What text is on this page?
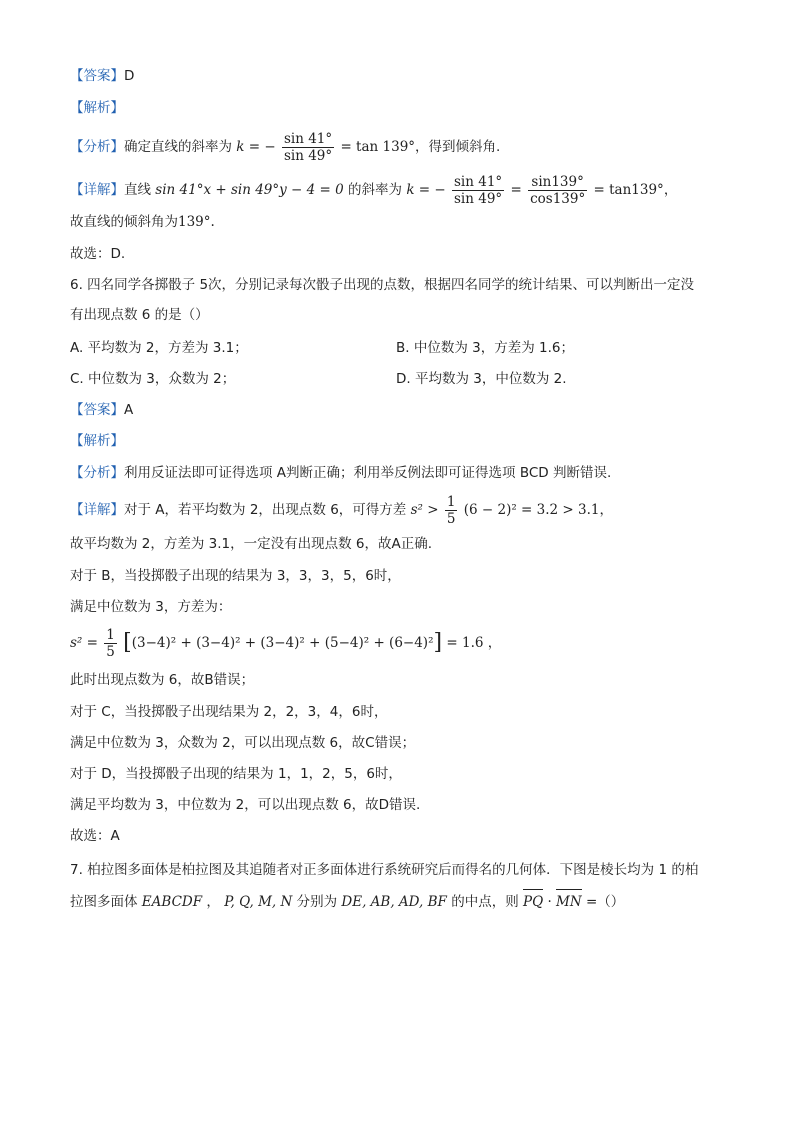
【答案】D
【解析】
【分析】确定直线的斜率为 k = − $\frac{\sin 41^\circ}{\sin 49^\circ} = \tan 139^\circ$，得到倾斜角.
【详解】直线 sin 41°x + sin 49°y − 4 = 0 的斜率为 k = − $\frac{\sin 41^\circ}{\sin 49^\circ} = \frac{\sin 139^\circ}{\cos 139^\circ} = \tan 139^\circ$，
故直线的倾斜角为139°.
故选：D.
6. 四名同学各掷骰子 5次，分别记录每次骰子出现的点数，根据四名同学的统计结果、可以判断出一定没
有出现点数 6 的是（）
A. 平均数为 2，方差为 3.1；	B. 中位数为 3，方差为 1.6；
C. 中位数为 3，众数为 2；	D. 平均数为 3，中位数为 2.
【答案】A
【解析】
【分析】利用反证法即可证得选项 A判断正确；利用举反例法即可证得选项 BCD 判断错误.
【详解】对于 A，若平均数为 2，出现点数 6，可得方差 $s^2 > \frac{1}{5} (6 - 2)^2 = 3.2 > 3.1$，
故平均数为 2，方差为 3.1，一定没有出现点数 6，故A正确.
对于 B，当投掷骰子出现的结果为 3，3，3，5，6时，
满足中位数为 3，方差为：
$s^2 = \frac{1}{5} [(3-4)^2 + (3-4)^2 + (3-4)^2 + (5-4)^2 + (6-4)^2] = 1.6$ ，
此时出现点数为 6，故B错误；
对于 C，当投掷骰子出现结果为 2，2，3，4，6时，
满足中位数为 3，众数为 2，可以出现点数 6，故C错误；
对于 D，当投掷骰子出现的结果为 1，1，2，5，6时，
满足平均数为 3，中位数为 2，可以出现点数 6，故D错误.
故选：A
7. 柏拉图多面体是柏拉图及其追随者对正多面体进行系统研究后而得名的几何体．下图是棱长均为 1 的柏
拉图多面体 EABCDF ， P, Q, M, N 分别为 DE, AB, AD, BF 的中点，则 PQ · MN =（）
